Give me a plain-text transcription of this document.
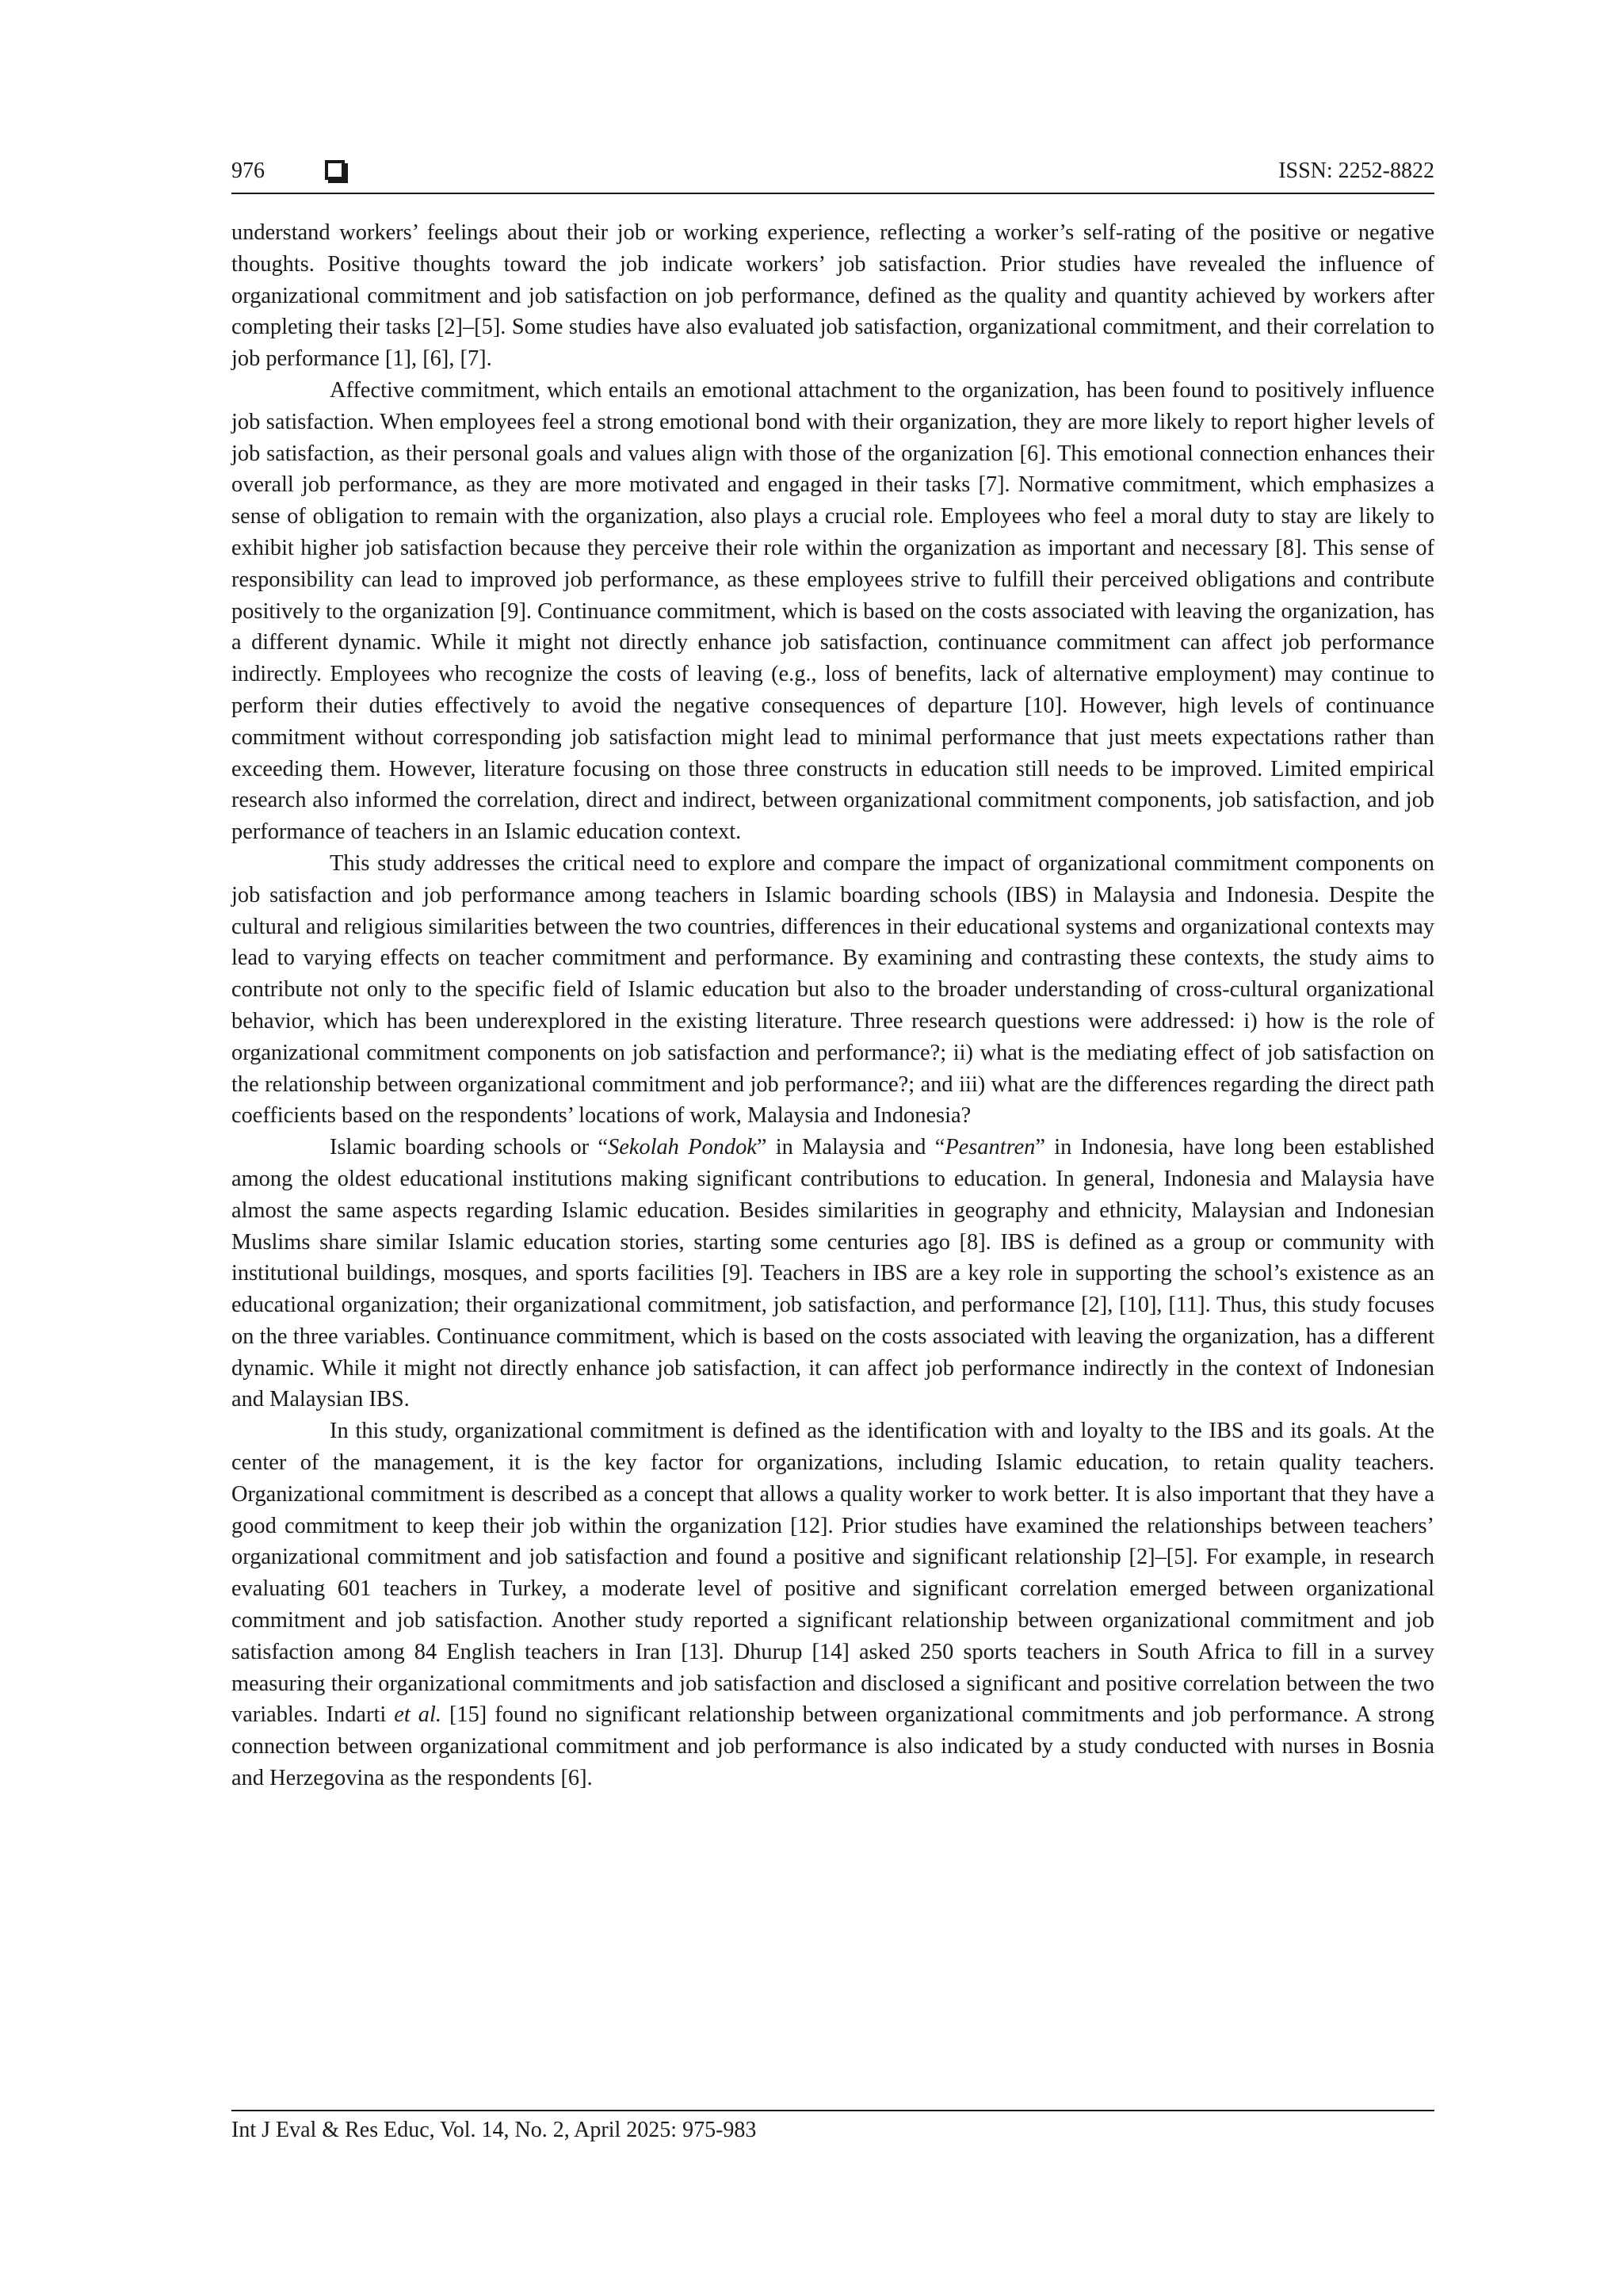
976	ISSN: 2252-8822

understand workers’ feelings about their job or working experience, reflecting a worker’s self-rating of the positive or negative thoughts. Positive thoughts toward the job indicate workers’ job satisfaction. Prior studies have revealed the influence of organizational commitment and job satisfaction on job performance, defined as the quality and quantity achieved by workers after completing their tasks [2]–[5]. Some studies have also evaluated job satisfaction, organizational commitment, and their correlation to job performance [1], [6], [7].

Affective commitment, which entails an emotional attachment to the organization, has been found to positively influence job satisfaction. When employees feel a strong emotional bond with their organization, they are more likely to report higher levels of job satisfaction, as their personal goals and values align with those of the organization [6]. This emotional connection enhances their overall job performance, as they are more motivated and engaged in their tasks [7]. Normative commitment, which emphasizes a sense of obligation to remain with the organization, also plays a crucial role. Employees who feel a moral duty to stay are likely to exhibit higher job satisfaction because they perceive their role within the organization as important and necessary [8]. This sense of responsibility can lead to improved job performance, as these employees strive to fulfill their perceived obligations and contribute positively to the organization [9]. Continuance commitment, which is based on the costs associated with leaving the organization, has a different dynamic. While it might not directly enhance job satisfaction, continuance commitment can affect job performance indirectly. Employees who recognize the costs of leaving (e.g., loss of benefits, lack of alternative employment) may continue to perform their duties effectively to avoid the negative consequences of departure [10]. However, high levels of continuance commitment without corresponding job satisfaction might lead to minimal performance that just meets expectations rather than exceeding them. However, literature focusing on those three constructs in education still needs to be improved. Limited empirical research also informed the correlation, direct and indirect, between organizational commitment components, job satisfaction, and job performance of teachers in an Islamic education context.

This study addresses the critical need to explore and compare the impact of organizational commitment components on job satisfaction and job performance among teachers in Islamic boarding schools (IBS) in Malaysia and Indonesia. Despite the cultural and religious similarities between the two countries, differences in their educational systems and organizational contexts may lead to varying effects on teacher commitment and performance. By examining and contrasting these contexts, the study aims to contribute not only to the specific field of Islamic education but also to the broader understanding of cross-cultural organizational behavior, which has been underexplored in the existing literature. Three research questions were addressed: i) how is the role of organizational commitment components on job satisfaction and performance?; ii) what is the mediating effect of job satisfaction on the relationship between organizational commitment and job performance?; and iii) what are the differences regarding the direct path coefficients based on the respondents’ locations of work, Malaysia and Indonesia?

Islamic boarding schools or “Sekolah Pondok” in Malaysia and “Pesantren” in Indonesia, have long been established among the oldest educational institutions making significant contributions to education. In general, Indonesia and Malaysia have almost the same aspects regarding Islamic education. Besides similarities in geography and ethnicity, Malaysian and Indonesian Muslims share similar Islamic education stories, starting some centuries ago [8]. IBS is defined as a group or community with institutional buildings, mosques, and sports facilities [9]. Teachers in IBS are a key role in supporting the school’s existence as an educational organization; their organizational commitment, job satisfaction, and performance [2], [10], [11]. Thus, this study focuses on the three variables. Continuance commitment, which is based on the costs associated with leaving the organization, has a different dynamic. While it might not directly enhance job satisfaction, it can affect job performance indirectly in the context of Indonesian and Malaysian IBS.

In this study, organizational commitment is defined as the identification with and loyalty to the IBS and its goals. At the center of the management, it is the key factor for organizations, including Islamic education, to retain quality teachers. Organizational commitment is described as a concept that allows a quality worker to work better. It is also important that they have a good commitment to keep their job within the organization [12]. Prior studies have examined the relationships between teachers’ organizational commitment and job satisfaction and found a positive and significant relationship [2]–[5]. For example, in research evaluating 601 teachers in Turkey, a moderate level of positive and significant correlation emerged between organizational commitment and job satisfaction. Another study reported a significant relationship between organizational commitment and job satisfaction among 84 English teachers in Iran [13]. Dhurup [14] asked 250 sports teachers in South Africa to fill in a survey measuring their organizational commitments and job satisfaction and disclosed a significant and positive correlation between the two variables. Indarti et al. [15] found no significant relationship between organizational commitments and job performance. A strong connection between organizational commitment and job performance is also indicated by a study conducted with nurses in Bosnia and Herzegovina as the respondents [6].

Int J Eval & Res Educ, Vol. 14, No. 2, April 2025: 975-983
